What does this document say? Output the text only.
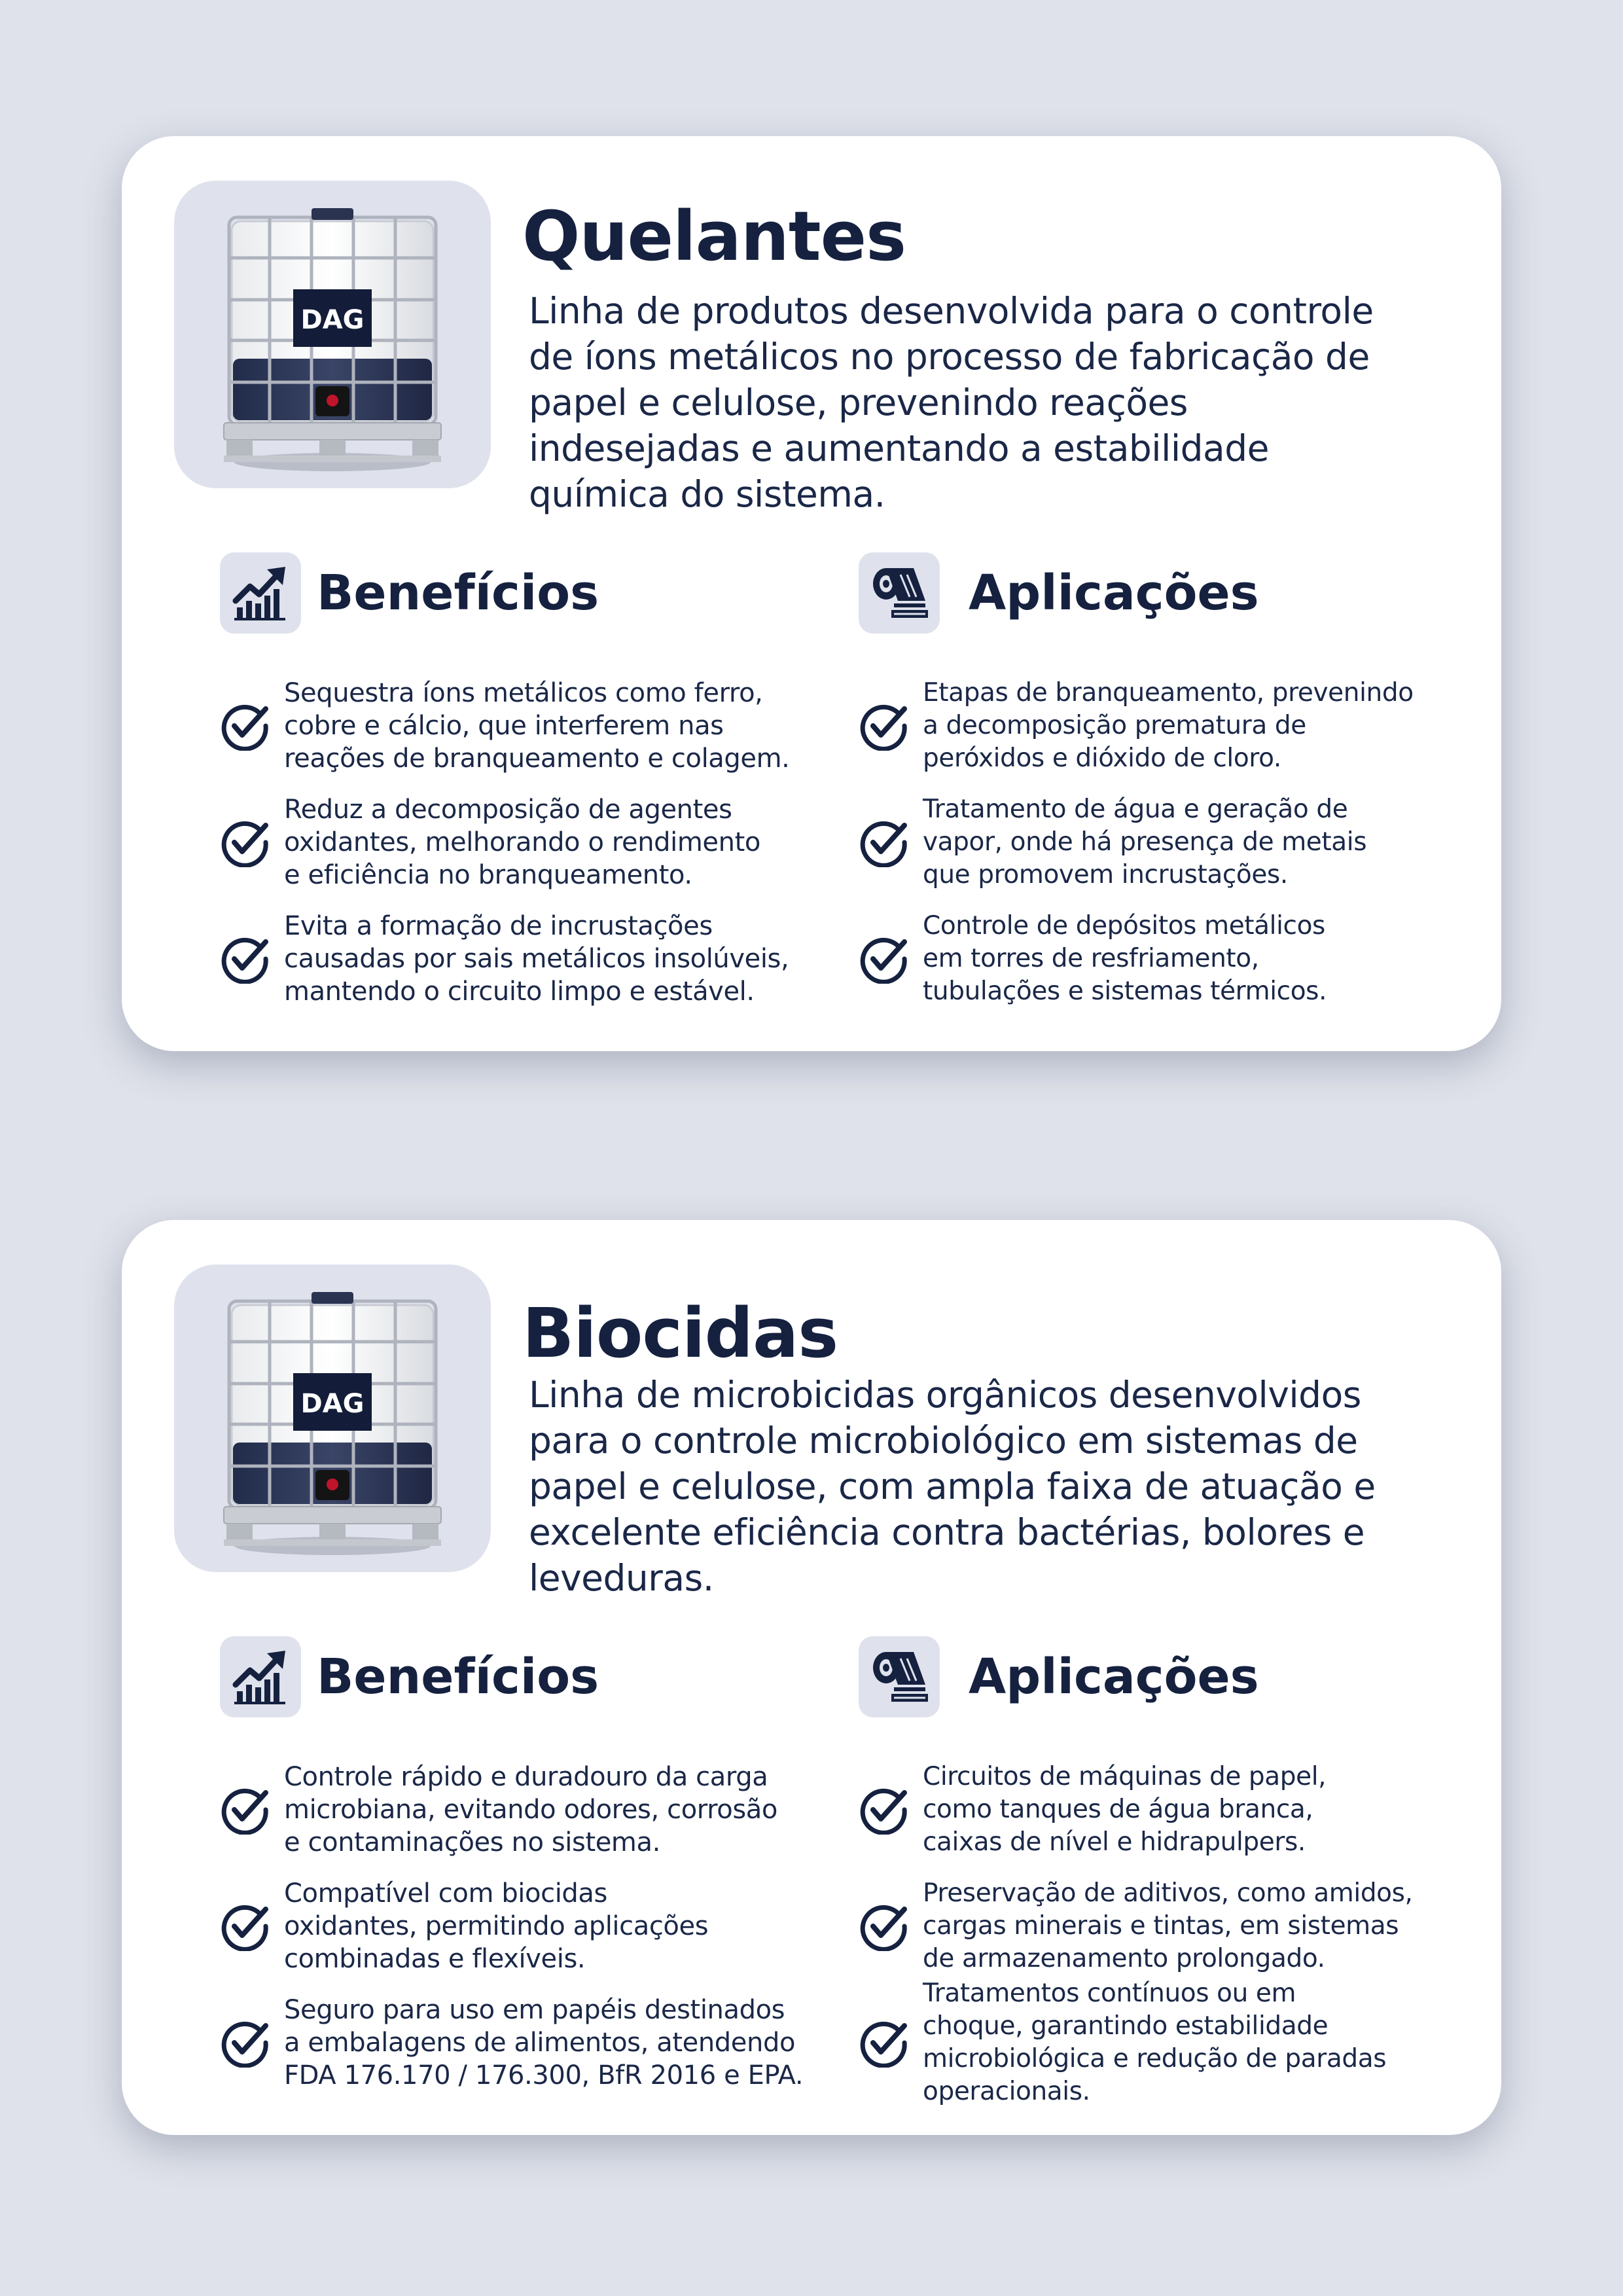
DAG
Quelantes
Linha de produtos desenvolvida para o controle
de íons metálicos no processo de fabricação de
papel e celulose, prevenindo reações
indesejadas e aumentando a estabilidade
química do sistema.
Benefícios
Sequestra íons metálicos como ferro,
cobre e cálcio, que interferem nas
reações de branqueamento e colagem.
Reduz a decomposição de agentes
oxidantes, melhorando o rendimento
e eficiência no branqueamento.
Evita a formação de incrustações
causadas por sais metálicos insolúveis,
mantendo o circuito limpo e estável.
Aplicações
Etapas de branqueamento, prevenindo
a decomposição prematura de
peróxidos e dióxido de cloro.
Tratamento de água e geração de
vapor, onde há presença de metais
que promovem incrustações.
Controle de depósitos metálicos
em torres de resfriamento,
tubulações e sistemas térmicos.
DAG
Biocidas
Linha de microbicidas orgânicos desenvolvidos
para o controle microbiológico em sistemas de
papel e celulose, com ampla faixa de atuação e
excelente eficiência contra bactérias, bolores e
leveduras.
Benefícios
Controle rápido e duradouro da carga
microbiana, evitando odores, corrosão
e contaminações no sistema.
Compatível com biocidas
oxidantes, permitindo aplicações
combinadas e flexíveis.
Seguro para uso em papéis destinados
a embalagens de alimentos, atendendo
FDA 176.170 / 176.300, BfR 2016 e EPA.
Aplicações
Circuitos de máquinas de papel,
como tanques de água branca,
caixas de nível e hidrapulpers.
Preservação de aditivos, como amidos,
cargas minerais e tintas, em sistemas
de armazenamento prolongado.
Tratamentos contínuos ou em
choque, garantindo estabilidade
microbiológica e redução de paradas
operacionais.
